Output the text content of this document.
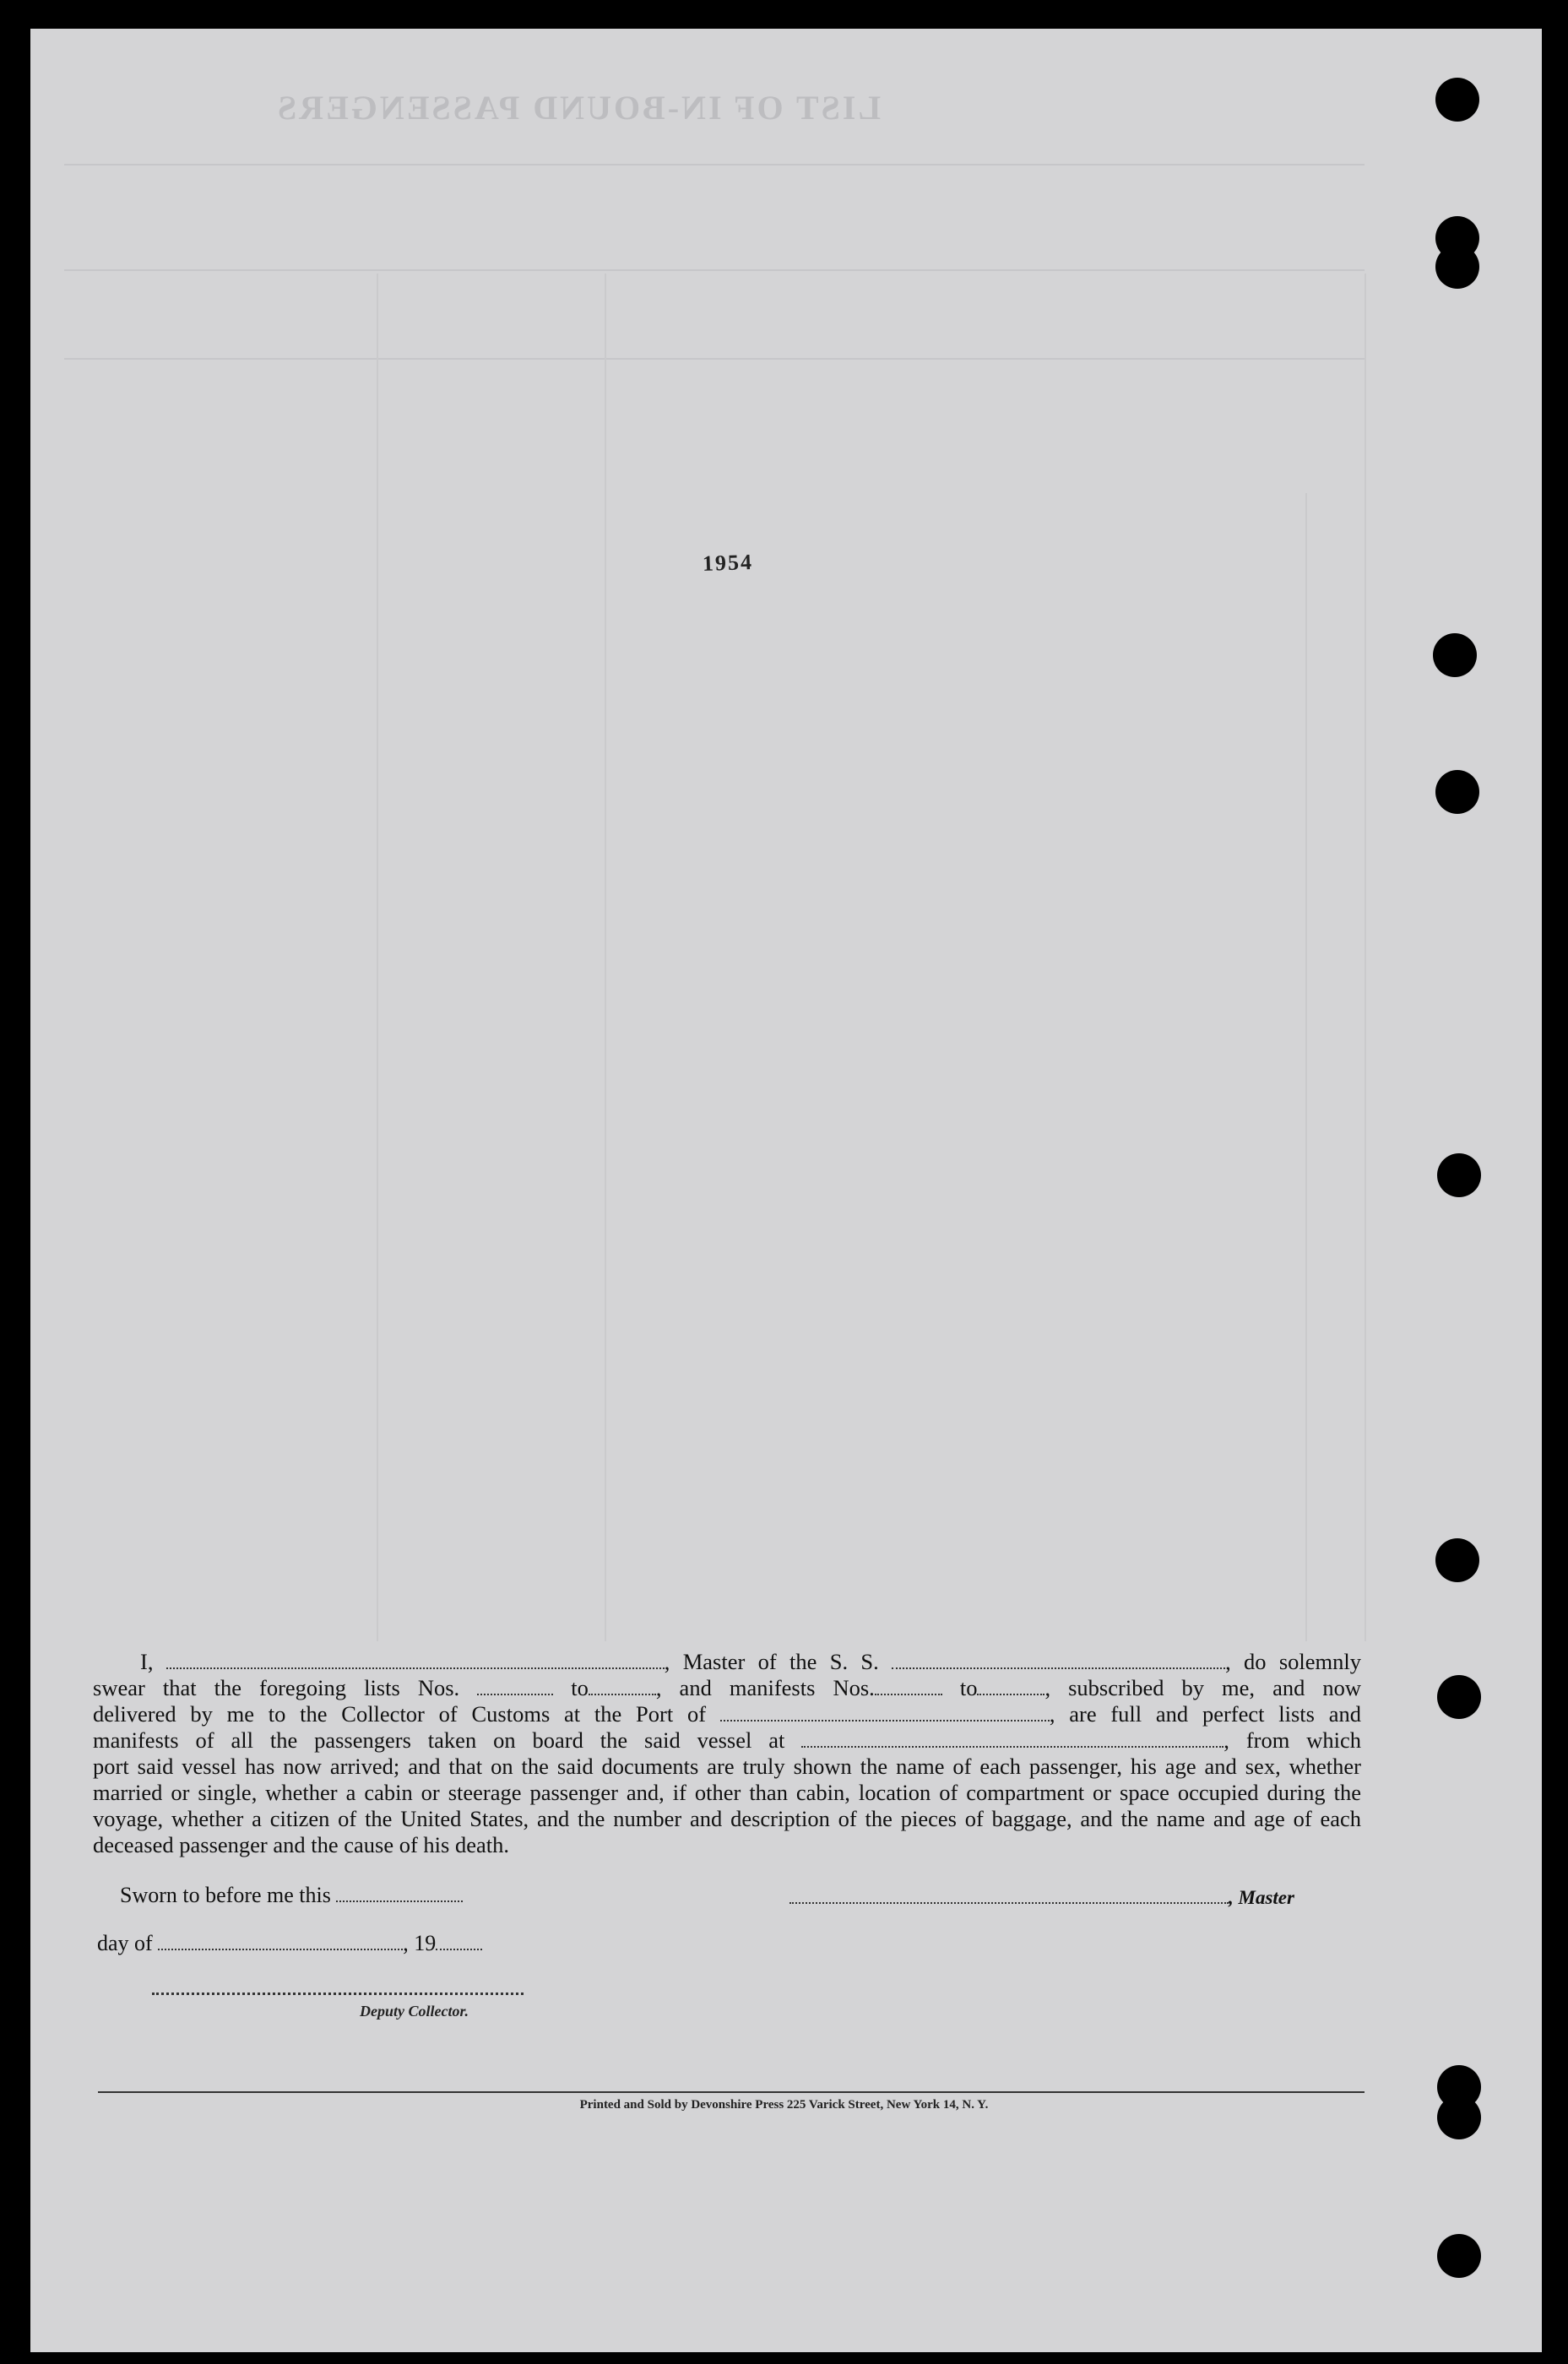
LIST OF IN-BOUND PASSENGERS
1954

I,	, Master of the S. S.	, do solemnly

swear that the foregoing lists Nos.	to	, and manifests Nos.	to	, subscribed by me, and now

delivered by me to the Collector of Customs at the Port of	, are full and perfect lists and

manifests of all the passengers taken on board the said vessel at	, from which

port said vessel has now arrived; and that on the said documents are truly shown the name of each passenger, his age and sex, whether married or single, whether a cabin or steerage passenger and, if other than cabin, location of compartment or space occupied during the voyage, whether a citizen of the United States, and the number and description of the pieces of baggage, and the name and age of each deceased passenger and the cause of his death.

Sworn to before me this	, Master
day of	, 19
Deputy Collector.
Printed and Sold by Devonshire Press 225 Varick Street, New York 14, N. Y.
